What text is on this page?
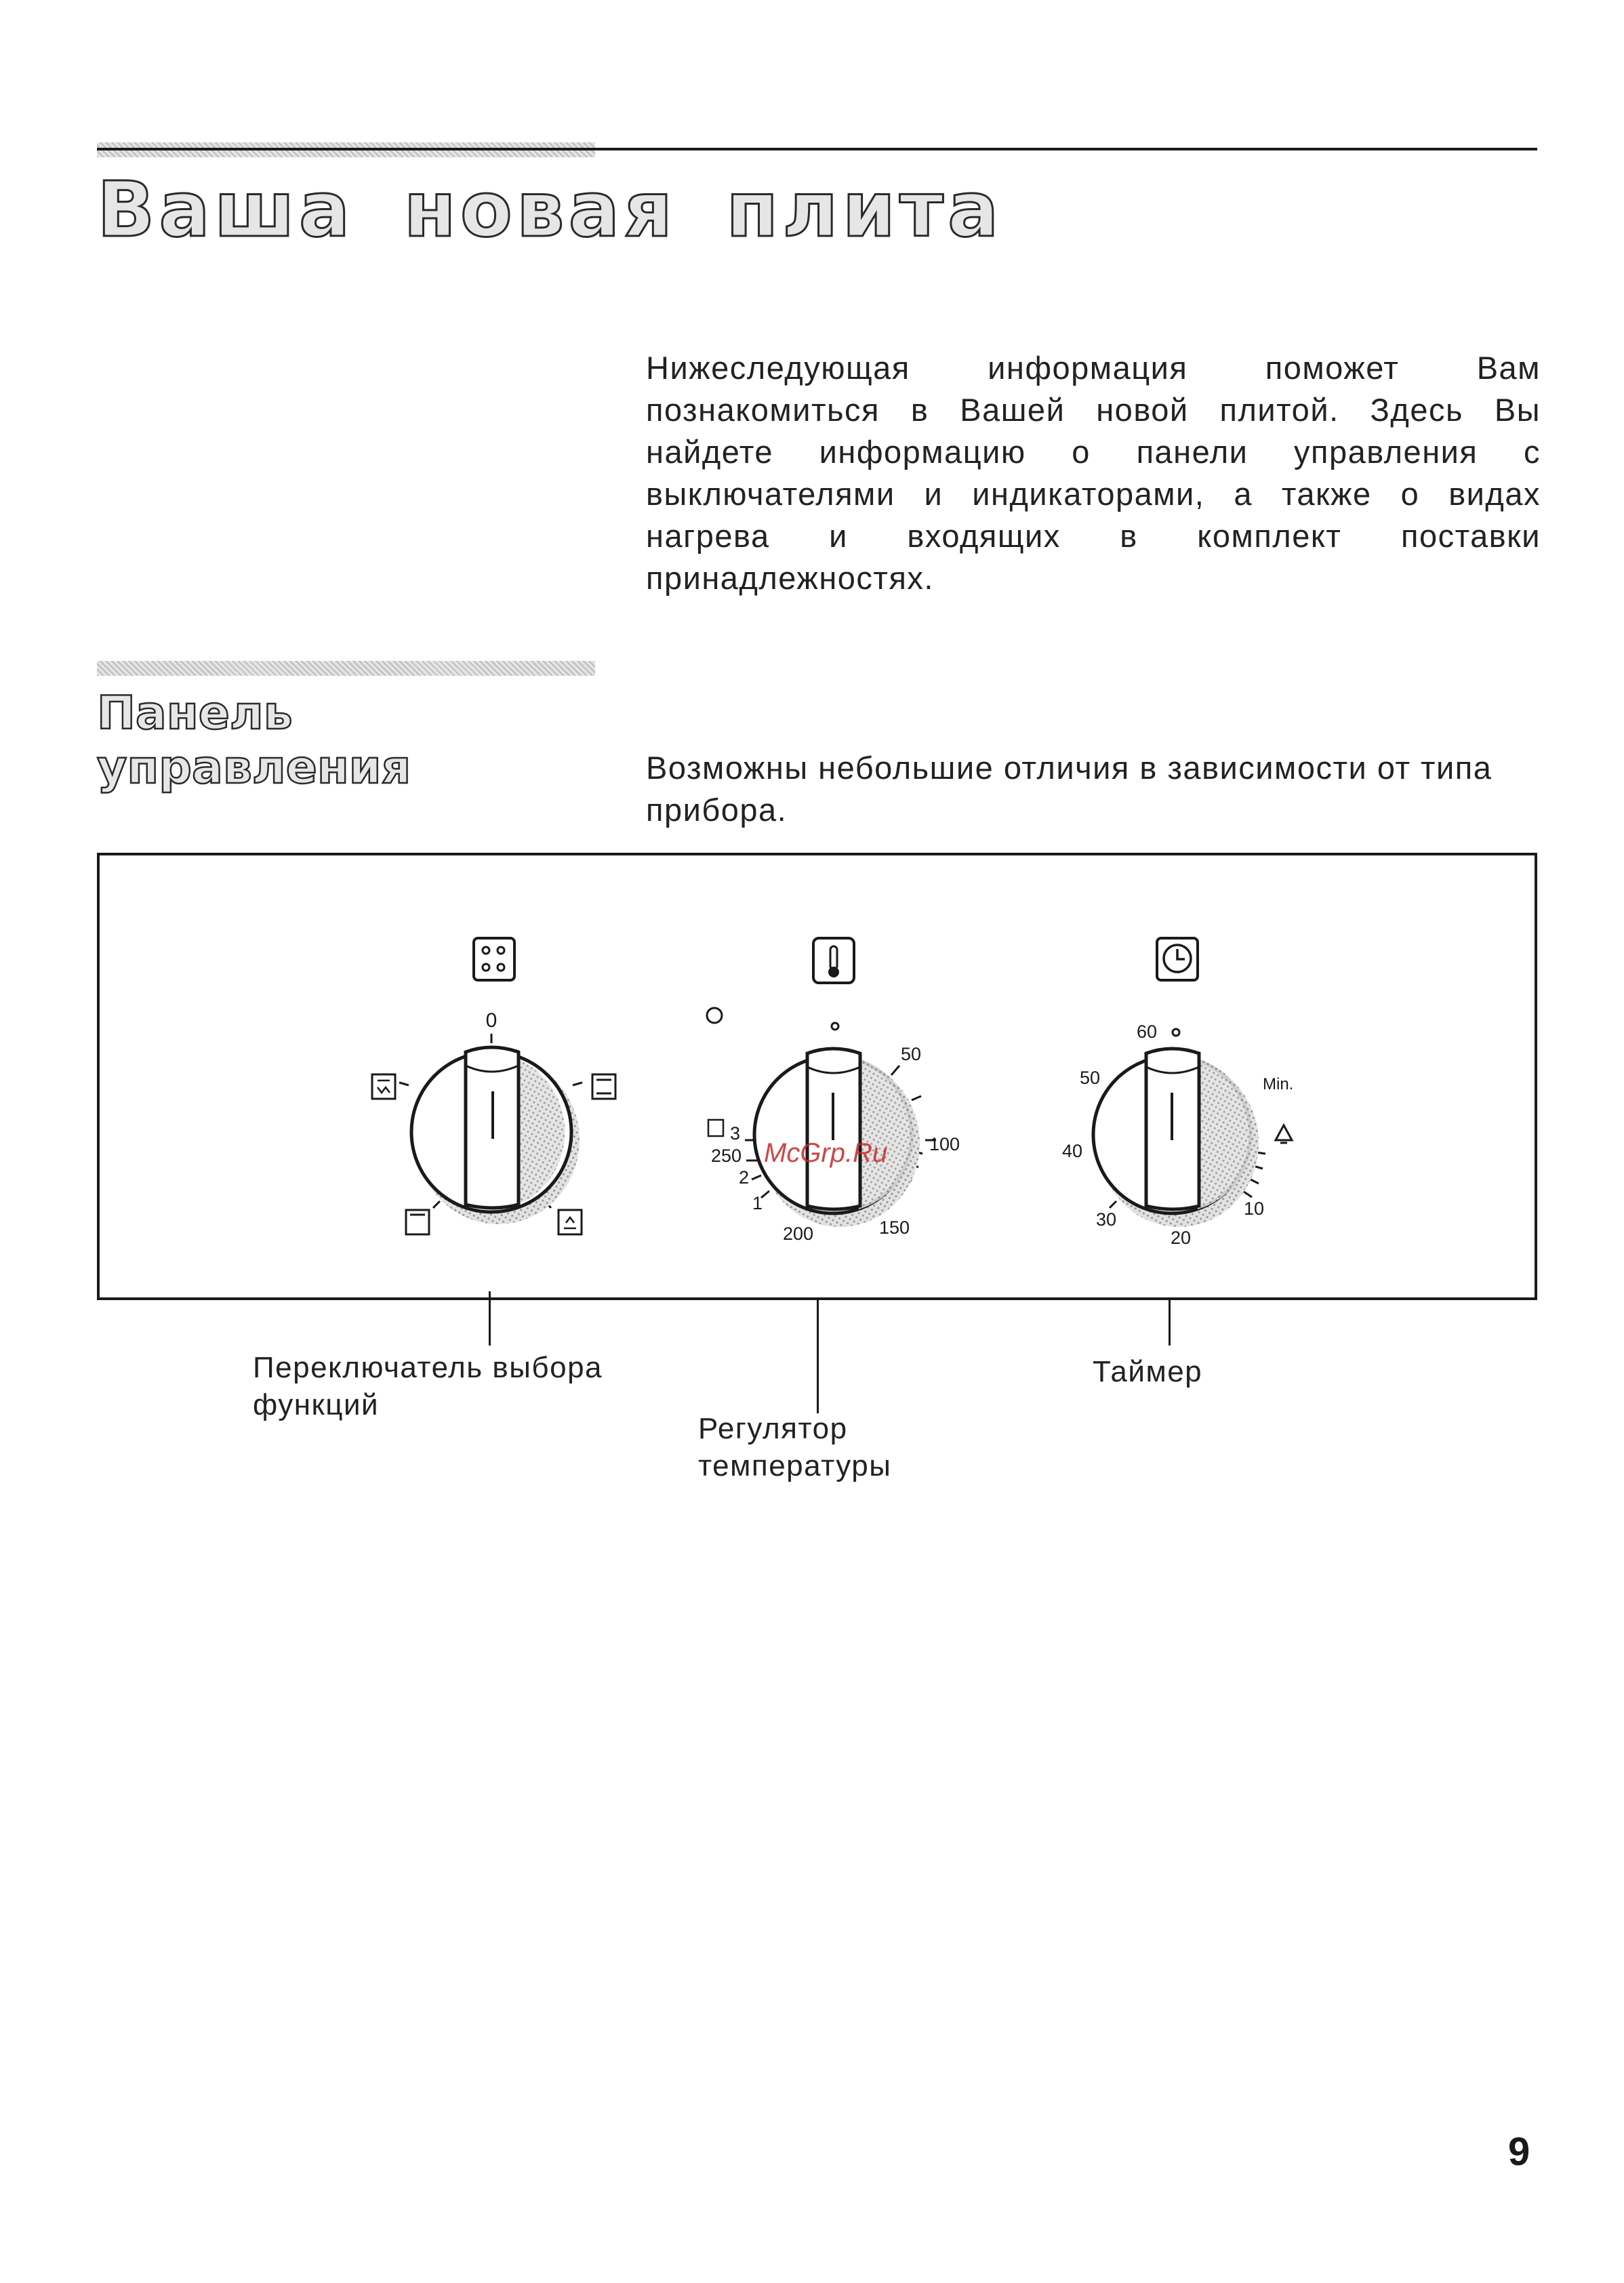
Ваша новая плита
Нижеследующая информация поможет Вам познакомиться в Вашей новой плитой. Здесь Вы найдете информацию о панели управления с выключателями и индикаторами, а также о видах нагрева и входящих в комплект поставки принадлежностях.
Панель
управления	Возможны небольшие отличия в зависимости от типа прибора.
0
50
100
150
200
250
3
2
1
McGrp.Ru
60
50
40
30
20
10
Min.
Переключатель выбора
функций
Регулятор
температуры
Таймер
9
